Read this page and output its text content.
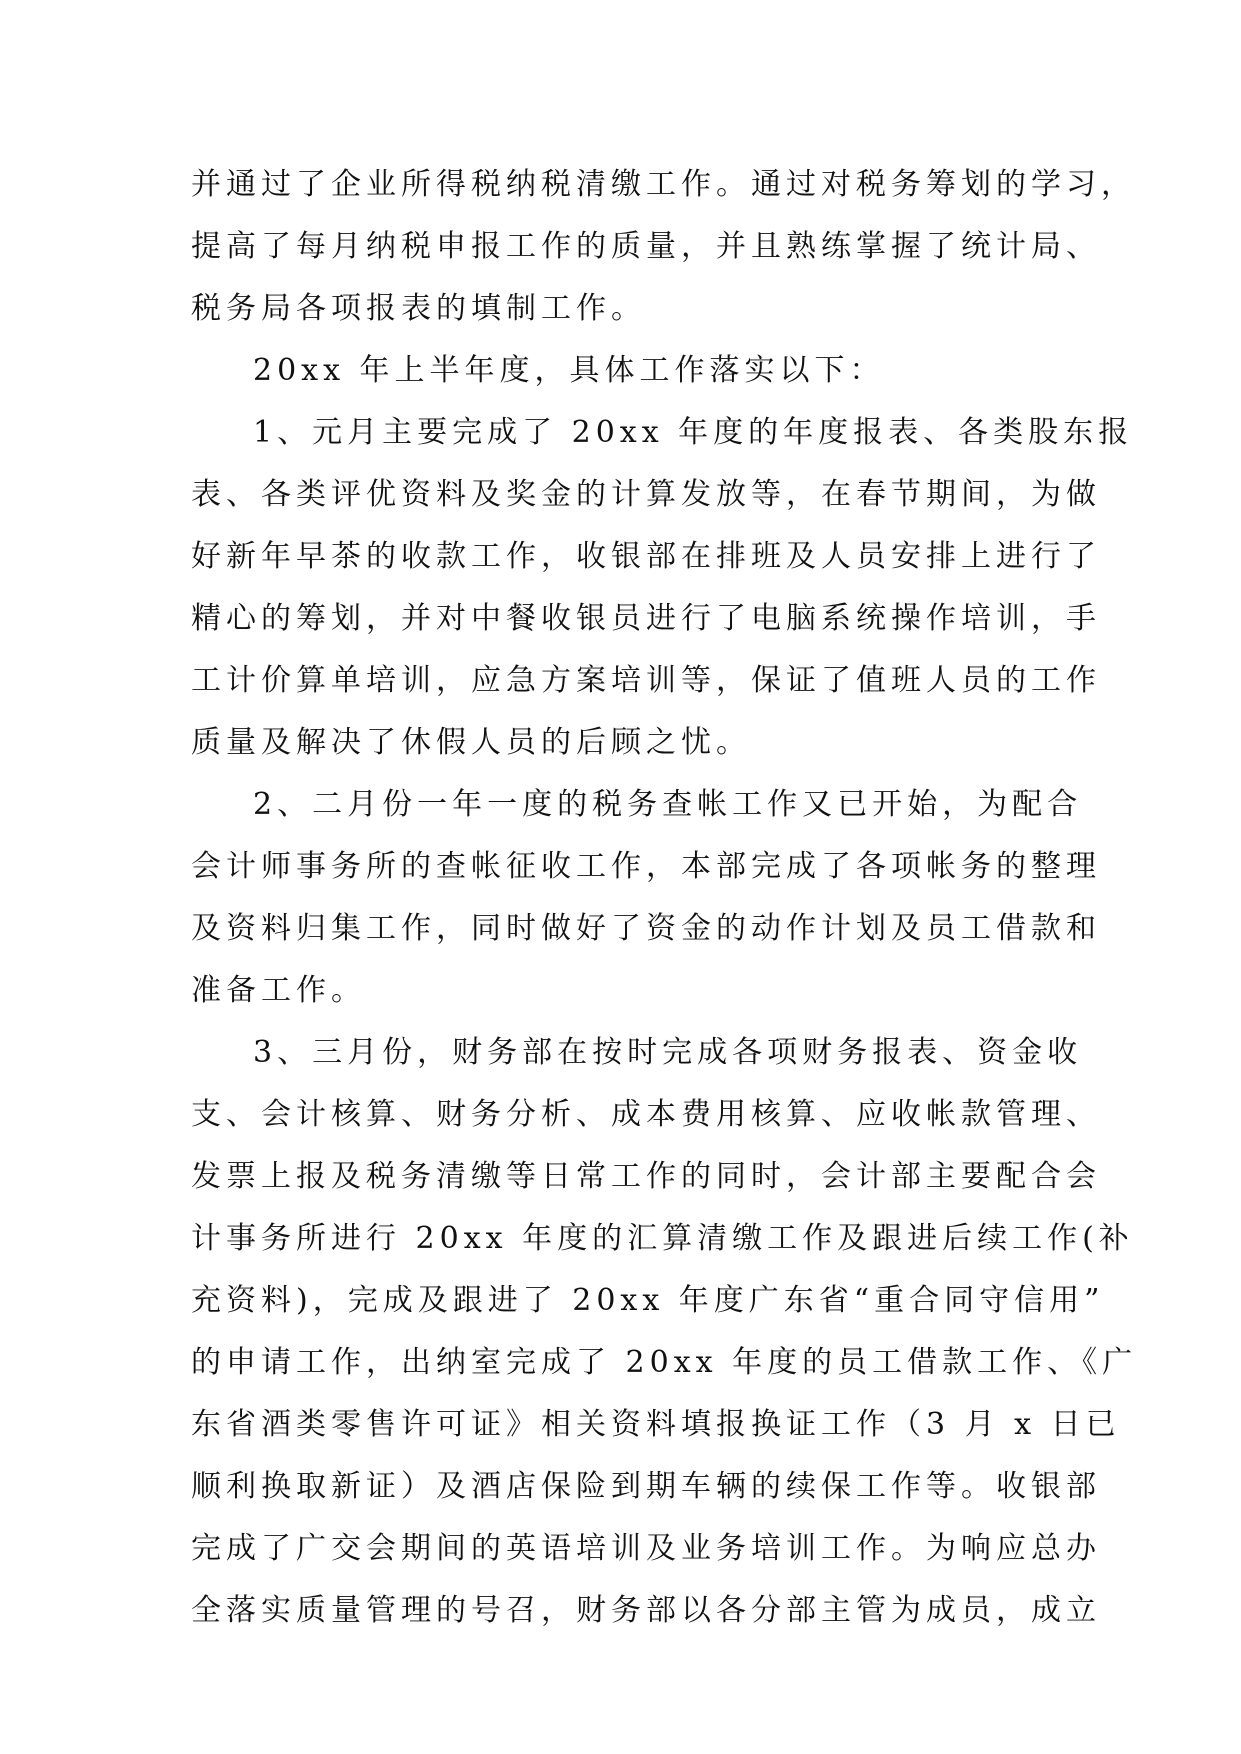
并通过了企业所得税纳税清缴工作。通过对税务筹划的学习，
提高了每月纳税申报工作的质量，并且熟练掌握了统计局、
税务局各项报表的填制工作。
20xx 年上半年度，具体工作落实以下：
1、元月主要完成了 20xx 年度的年度报表、各类股东报
表、各类评优资料及奖金的计算发放等，在春节期间，为做
好新年早茶的收款工作，收银部在排班及人员安排上进行了
精心的筹划，并对中餐收银员进行了电脑系统操作培训，手
工计价算单培训，应急方案培训等，保证了值班人员的工作
质量及解决了休假人员的后顾之忧。
2、二月份一年一度的税务查帐工作又已开始，为配合
会计师事务所的查帐征收工作，本部完成了各项帐务的整理
及资料归集工作，同时做好了资金的动作计划及员工借款和
准备工作。
3、三月份，财务部在按时完成各项财务报表、资金收
支、会计核算、财务分析、成本费用核算、应收帐款管理、
发票上报及税务清缴等日常工作的同时，会计部主要配合会
计事务所进行 20xx 年度的汇算清缴工作及跟进后续工作(补
充资料)，完成及跟进了 20xx 年度广东省“重合同守信用”
的申请工作，出纳室完成了 20xx 年度的员工借款工作、《广
东省酒类零售许可证》相关资料填报换证工作（3 月 x 日已
顺利换取新证）及酒店保险到期车辆的续保工作等。收银部
完成了广交会期间的英语培训及业务培训工作。为响应总办
全落实质量管理的号召，财务部以各分部主管为成员，成立
